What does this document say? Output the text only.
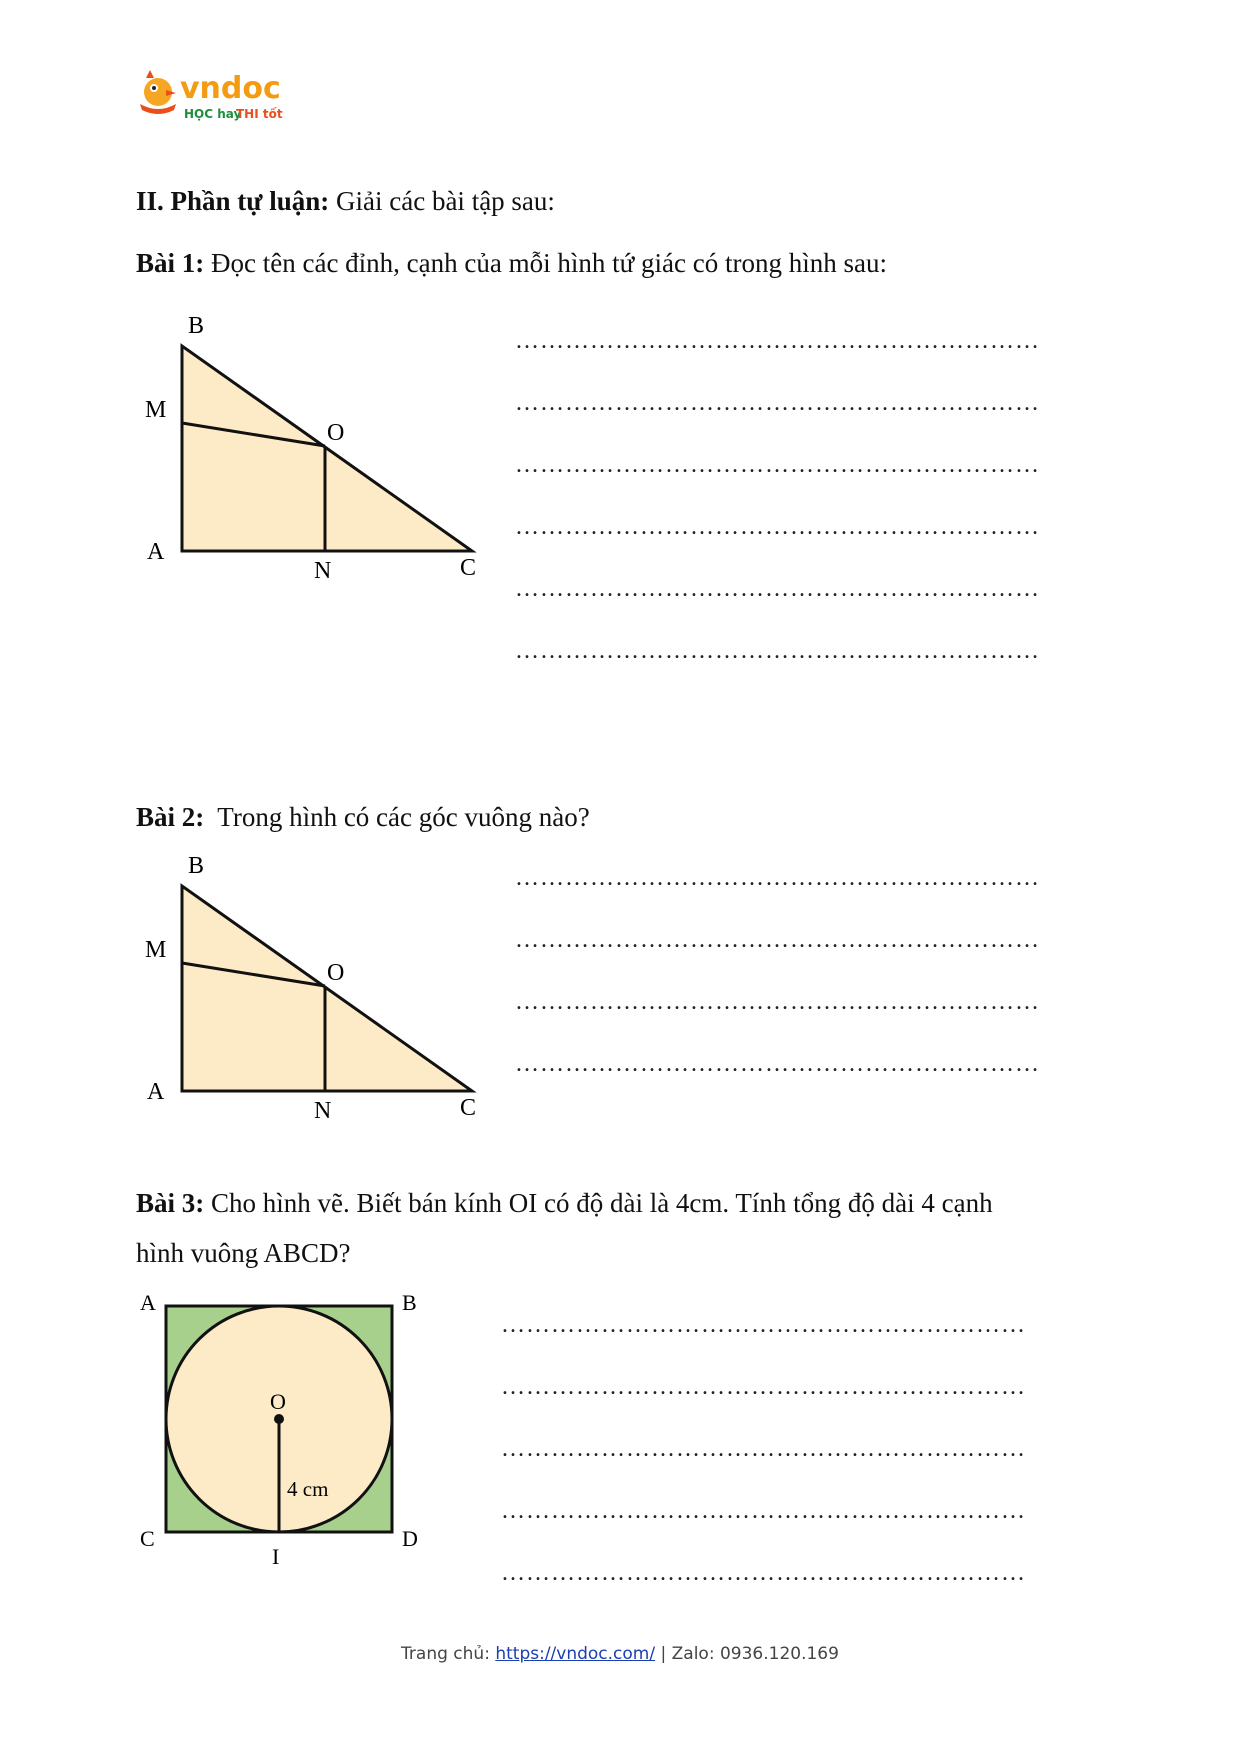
vndoc
HỌC hay
THI tốt
II. Phần tự luận: Giải các bài tập sau:
Bài 1: Đọc tên các đỉnh, cạnh của mỗi hình tứ giác có trong hình sau:
B
M
O
A
N	C
………………………………………………………
………………………………………………………
………………………………………………………
………………………………………………………
………………………………………………………
………………………………………………………
Bài 2: Trong hình có các góc vuông nào?
B
M
O
A
N	C
………………………………………………………
………………………………………………………
………………………………………………………
………………………………………………………
Bài 3: Cho hình vẽ. Biết bán kính OI có độ dài là 4cm. Tính tổng độ dài 4 cạnh
hình vuông ABCD?
A	B
C	D
O
I
4 cm
………………………………………………………
………………………………………………………
………………………………………………………
………………………………………………………
………………………………………………………
Trang chủ: https://vndoc.com/ | Zalo: 0936.120.169
